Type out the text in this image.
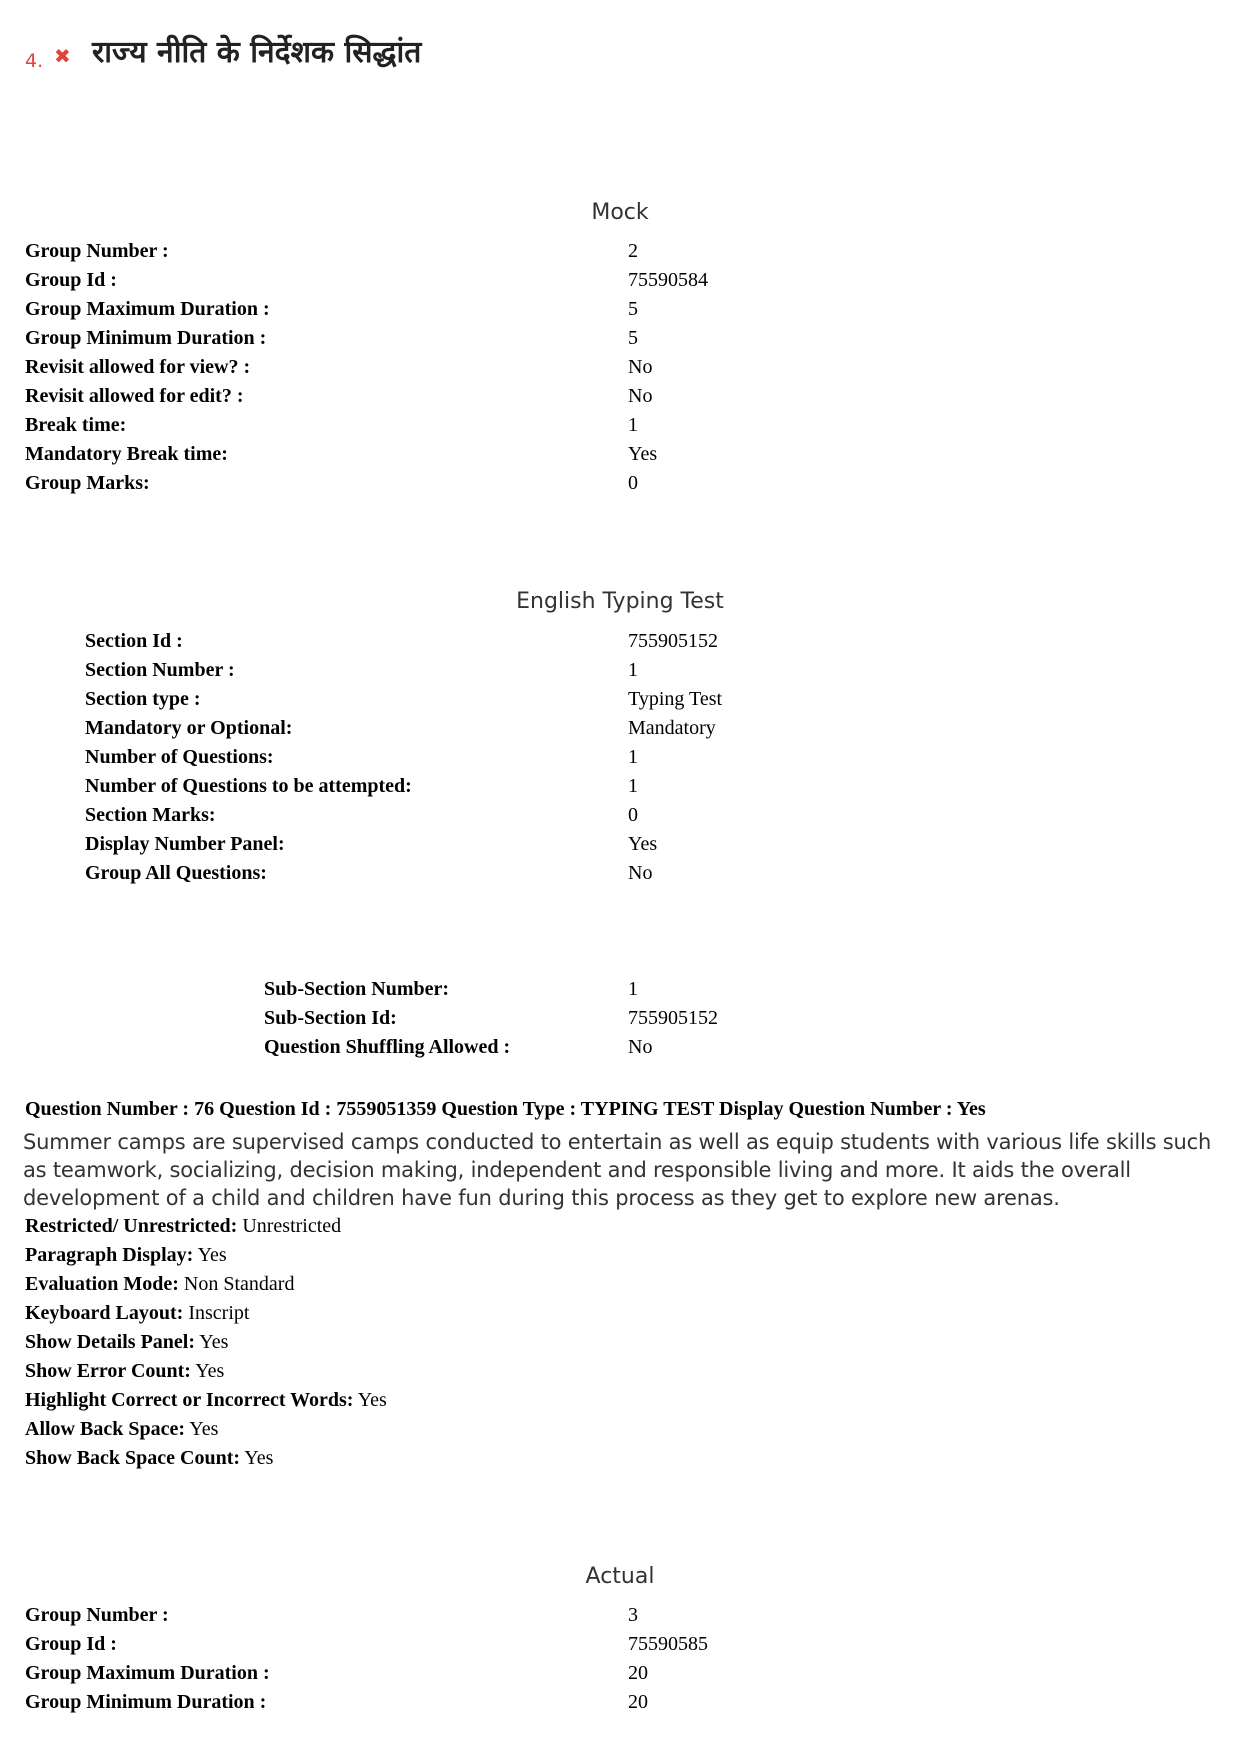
4. ✖ राज्य नीति के निर्देशक सिद्धांत
Mock
Group Number :	2
Group Id :	75590584
Group Maximum Duration :	5
Group Minimum Duration :	5
Revisit allowed for view? :	No
Revisit allowed for edit? :	No
Break time:	1
Mandatory Break time:	Yes
Group Marks:	0
English Typing Test
Section Id :	755905152
Section Number :	1
Section type :	Typing Test
Mandatory or Optional:	Mandatory
Number of Questions:	1
Number of Questions to be attempted:	1
Section Marks:	0
Display Number Panel:	Yes
Group All Questions:	No
Sub-Section Number:	1
Sub-Section Id:	755905152
Question Shuffling Allowed :	No
Question Number : 76 Question Id : 7559051359 Question Type : TYPING TEST Display Question Number : Yes
Summer camps are supervised camps conducted to entertain as well as equip students with various life skills such as teamwork, socializing, decision making, independent and responsible living and more. It aids the overall development of a child and children have fun during this process as they get to explore new arenas.
Restricted/ Unrestricted: Unrestricted
Paragraph Display: Yes
Evaluation Mode: Non Standard
Keyboard Layout: Inscript
Show Details Panel: Yes
Show Error Count: Yes
Highlight Correct or Incorrect Words: Yes
Allow Back Space: Yes
Show Back Space Count: Yes
Actual
Group Number :	3
Group Id :	75590585
Group Maximum Duration :	20
Group Minimum Duration :	20
